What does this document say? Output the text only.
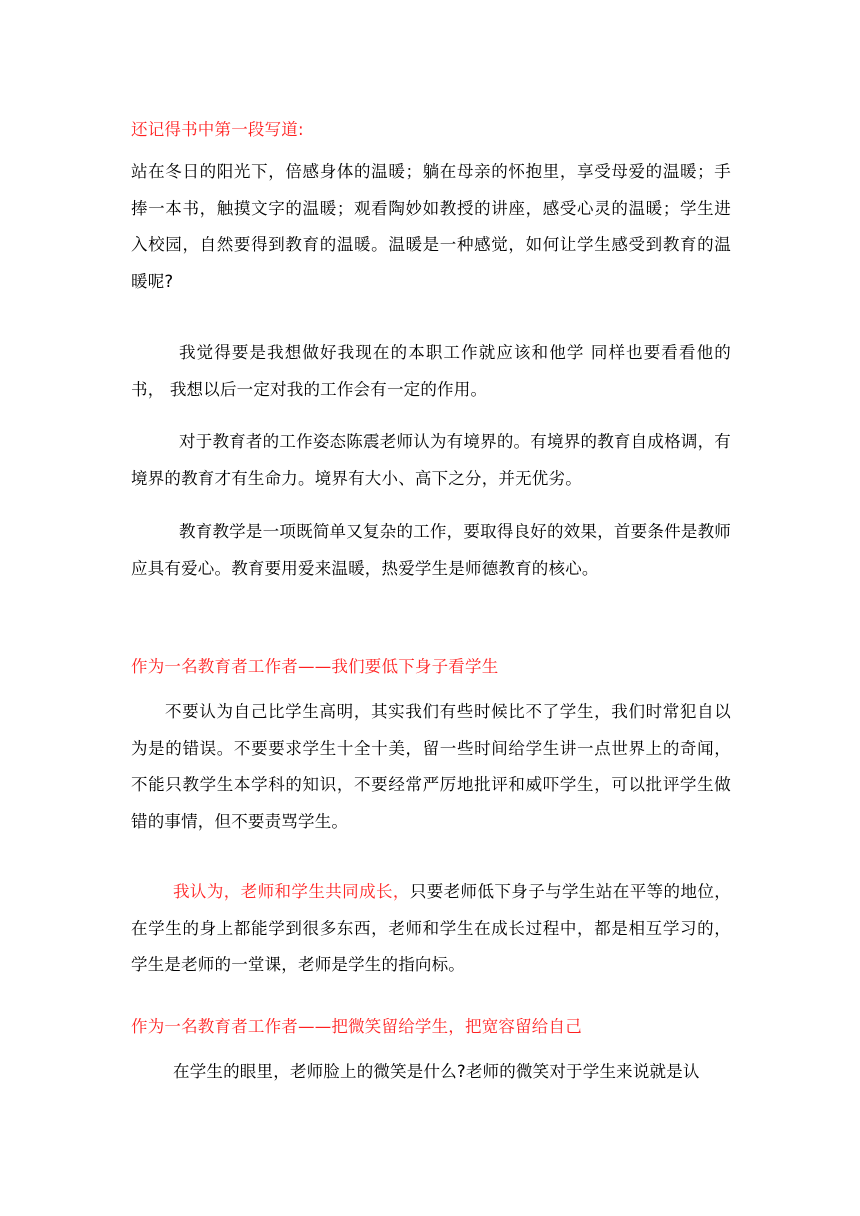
还记得书中第一段写道:

站在冬日的阳光下，倍感身体的温暖；躺在母亲的怀抱里，享受母爱的温暖；手捧一本书，触摸文字的温暖；观看陶妙如教授的讲座，感受心灵的温暖；学生进入校园，自然要得到教育的温暖。温暖是一种感觉，如何让学生感受到教育的温暖呢?

我觉得要是我想做好我现在的本职工作就应该和他学 同样也要看看他的书， 我想以后一定对我的工作会有一定的作用。

对于教育者的工作姿态陈震老师认为有境界的。有境界的教育自成格调，有境界的教育才有生命力。境界有大小、高下之分，并无优劣。

教育教学是一项既简单又复杂的工作，要取得良好的效果，首要条件是教师应具有爱心。教育要用爱来温暖，热爱学生是师德教育的核心。

作为一名教育者工作者——我们要低下身子看学生

不要认为自己比学生高明，其实我们有些时候比不了学生，我们时常犯自以为是的错误。不要要求学生十全十美，留一些时间给学生讲一点世界上的奇闻，不能只教学生本学科的知识，不要经常严厉地批评和威吓学生，可以批评学生做错的事情，但不要责骂学生。

我认为，老师和学生共同成长，只要老师低下身子与学生站在平等的地位，在学生的身上都能学到很多东西，老师和学生在成长过程中，都是相互学习的，学生是老师的一堂课，老师是学生的指向标。

作为一名教育者工作者——把微笑留给学生，把宽容留给自己

在学生的眼里，老师脸上的微笑是什么?老师的微笑对于学生来说就是认
